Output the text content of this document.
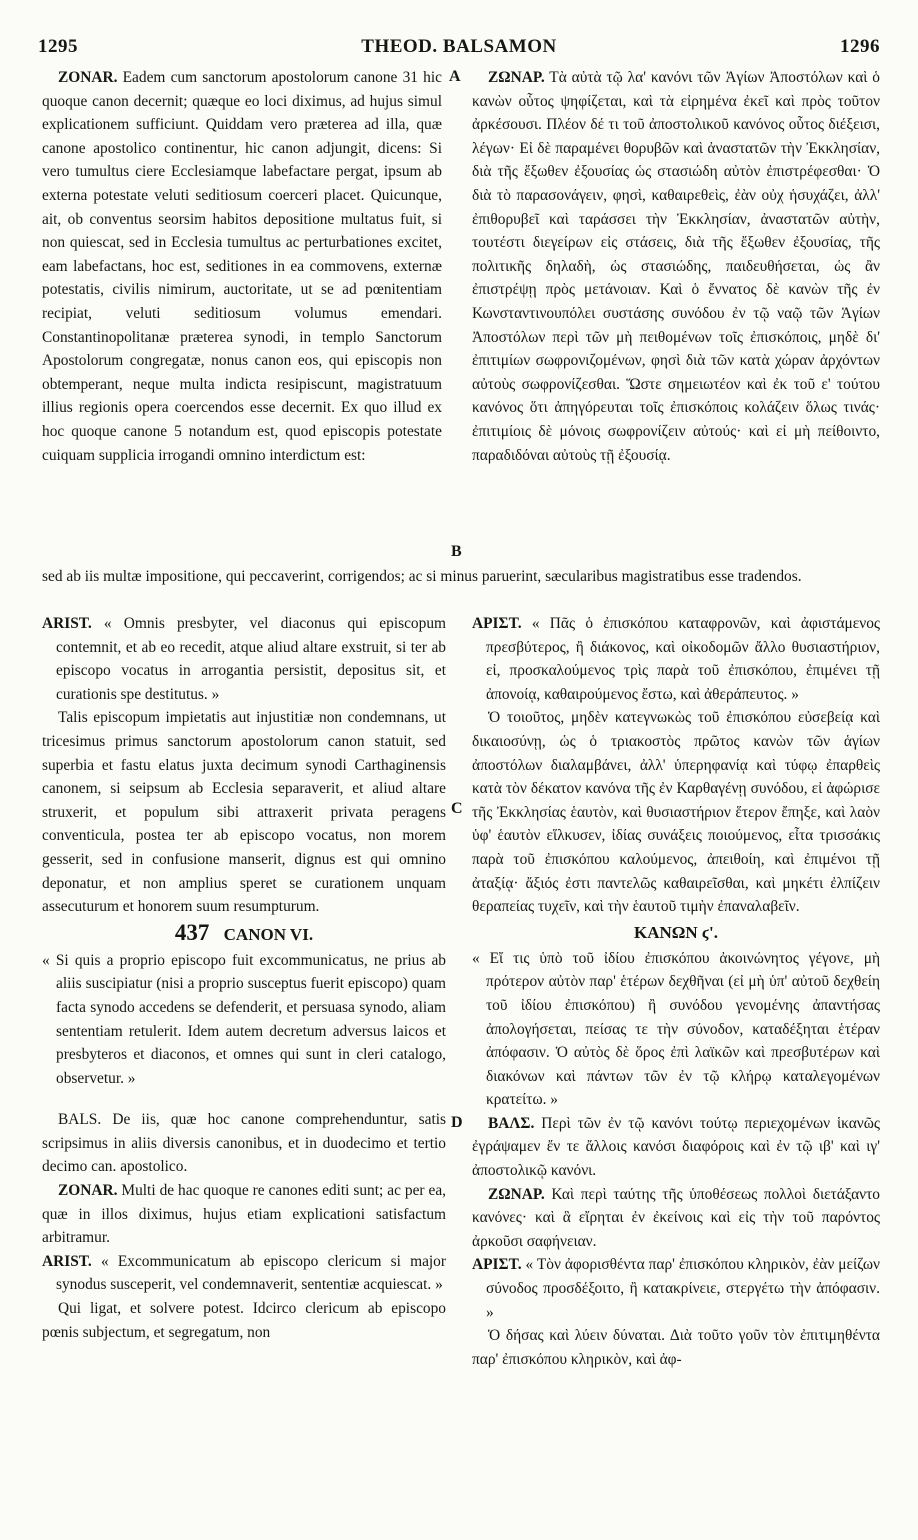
1295	THEOD. BALSAMON	1296
A
B
C
D

ZONAR. Eadem cum sanctorum apostolorum canone 31 hic quoque canon decernit; quæque eo loci diximus, ad hujus simul explicationem sufficiunt. Quiddam vero præterea ad illa, quæ canone apostolico continentur, hic canon adjungit, dicens: Si vero tumultus ciere Ecclesiamque labefactare pergat, ipsum ab externa potestate veluti seditiosum coerceri placet. Quicunque, ait, ob conventus seorsim habitos depositione multatus fuit, si non quiescat, sed in Ecclesia tumultus ac perturbationes excitet, eam labefactans, hoc est, seditiones in ea commovens, externæ potestatis, civilis nimirum, auctoritate, ut se ad pœnitentiam recipiat, veluti seditiosum volumus emendari. Constantinopolitanæ præterea synodi, in templo Sanctorum Apostolorum congregatæ, nonus canon eos, qui episcopis non obtemperant, neque multa indicta resipiscunt, magistratuum illius regionis opera coercendos esse decernit. Ex quo illud ex hoc quoque canone 5 notandum est, quod episcopis potestate cuiquam supplicia irrogandi omnino interdictum est:

ΖΩΝΑΡ. Τὰ αὐτὰ τῷ λα' κανόνι τῶν Ἁγίων Ἀποστόλων καὶ ὁ κανὼν οὗτος ψηφίζεται, καὶ τὰ εἰρημένα ἐκεῖ καὶ πρὸς τοῦτον ἀρκέσουσι. Πλέον δέ τι τοῦ ἀποστολικοῦ κανόνος οὗτος διέξεισι, λέγων· Εἰ δὲ παραμένει θορυβῶν καὶ ἀναστατῶν τὴν Ἐκκλησίαν, διὰ τῆς ἔξωθεν ἐξουσίας ὡς στασιώδη αὐτὸν ἐπιστρέφεσθαι· Ὁ διὰ τὸ παρασονάγειν, φησὶ, καθαιρεθεὶς, ἐὰν οὐχ ἡσυχάζει, ἀλλ' ἐπιθορυβεῖ καὶ ταράσσει τὴν Ἐκκλησίαν, ἀναστατῶν αὐτὴν, τουτέστι διεγείρων εἰς στάσεις, διὰ τῆς ἔξωθεν ἐξουσίας, τῆς πολιτικῆς δηλαδὴ, ὡς στασιώδης, παιδευθήσεται, ὡς ἂν ἐπιστρέψῃ πρὸς μετάνοιαν. Καὶ ὁ ἔννατος δὲ κανὼν τῆς ἐν Κωνσταντινουπόλει συστάσης συνόδου ἐν τῷ ναῷ τῶν Ἁγίων Ἀποστόλων περὶ τῶν μὴ πειθομένων τοῖς ἐπισκόποις, μηδὲ δι' ἐπιτιμίων σωφρονιζομένων, φησὶ διὰ τῶν κατὰ χώραν ἀρχόντων αὐτοὺς σωφρονίζεσθαι. Ὥστε σημειωτέον καὶ ἐκ τοῦ ε' τούτου κανόνος ὅτι ἀπηγόρευται τοῖς ἐπισκόποις κολάζειν ὅλως τινάς· ἐπιτιμίοις δὲ μόνοις σωφρονίζειν αὐτούς· καὶ εἰ μὴ πείθοιντο, παραδιδόναι αὐτοὺς τῇ ἐξουσίᾳ.

sed ab iis multæ impositione, qui peccaverint, corrigendos; ac si minus paruerint, sæcularibus magistratibus esse tradendos.

ARIST. « Omnis presbyter, vel diaconus qui episcopum contemnit, et ab eo recedit, atque aliud altare exstruit, si ter ab episcopo vocatus in arrogantia persistit, depositus sit, et curationis spe destitutus. »

Talis episcopum impietatis aut injustitiæ non condemnans, ut tricesimus primus sanctorum apostolorum canon statuit, sed superbia et fastu elatus juxta decimum synodi Carthaginensis canonem, si seipsum ab Ecclesia separaverit, et aliud altare struxerit, et populum sibi attraxerit privata peragens conventicula, postea ter ab episcopo vocatus, non morem gesserit, sed in confusione manserit, dignus est qui omnino deponatur, et non amplius speret se curationem unquam assecuturum et honorem suum resumpturum.

437 CANON VI.

« Si quis a proprio episcopo fuit excommunicatus, ne prius ab aliis suscipiatur (nisi a proprio susceptus fuerit episcopo) quam facta synodo accedens se defenderit, et persuasa synodo, aliam sententiam retulerit. Idem autem decretum adversus laicos et presbyteros et diaconos, et omnes qui sunt in cleri catalogo, observetur. »

BALS. De iis, quæ hoc canone comprehenduntur, satis scripsimus in aliis diversis canonibus, et in duodecimo et tertio decimo can. apostolico.

ZONAR. Multi de hac quoque re canones editi sunt; ac per ea, quæ in illos diximus, hujus etiam explicationi satisfactum arbitramur.

ARIST. « Excommunicatum ab episcopo clericum si major synodus susceperit, vel condemnaverit, sententiæ acquiescat. »

Qui ligat, et solvere potest. Idcirco clericum ab episcopo pœnis subjectum, et segregatum, non

ΑΡΙΣΤ. « Πᾶς ὁ ἐπισκόπου καταφρονῶν, καὶ ἀφιστάμενος πρεσβύτερος, ἢ διάκονος, καὶ οἰκοδομῶν ἄλλο θυσιαστήριον, εἰ, προσκαλούμενος τρὶς παρὰ τοῦ ἐπισκόπου, ἐπιμένει τῇ ἀπονοίᾳ, καθαιρούμενος ἔστω, καὶ ἀθεράπευτος. »

Ὁ τοιοῦτος, μηδὲν κατεγνωκὼς τοῦ ἐπισκόπου εὐσεβείᾳ καὶ δικαιοσύνῃ, ὡς ὁ τριακοστὸς πρῶτος κανὼν τῶν ἁγίων ἀποστόλων διαλαμβάνει, ἀλλ' ὑπερηφανίᾳ καὶ τύφῳ ἐπαρθεὶς κατὰ τὸν δέκατον κανόνα τῆς ἐν Καρθαγένῃ συνόδου, εἰ ἀφώρισε τῆς Ἐκκλησίας ἑαυτὸν, καὶ θυσιαστήριον ἕτερον ἔπηξε, καὶ λαὸν ὑφ' ἑαυτὸν εἵλκυσεν, ἰδίας συνάξεις ποιούμενος, εἶτα τρισσάκις παρὰ τοῦ ἐπισκόπου καλούμενος, ἀπειθοίη, καὶ ἐπιμένοι τῇ ἀταξίᾳ· ἄξιός ἐστι παντελῶς καθαιρεῖσθαι, καὶ μηκέτι ἐλπίζειν θεραπείας τυχεῖν, καὶ τὴν ἑαυτοῦ τιμὴν ἐπαναλαβεῖν.

ΚΑΝΩΝ ϛ'.

« Εἴ τις ὑπὸ τοῦ ἰδίου ἐπισκόπου ἀκοινώνητος γέγονε, μὴ πρότερον αὐτὸν παρ' ἑτέρων δεχθῆναι (εἰ μὴ ὑπ' αὐτοῦ δεχθείη τοῦ ἰδίου ἐπισκόπου) ἢ συνόδου γενομένης ἀπαντήσας ἀπολογήσεται, πείσας τε τὴν σύνοδον, καταδέξηται ἑτέραν ἀπόφασιν. Ὁ αὐτὸς δὲ ὅρος ἐπὶ λαϊκῶν καὶ πρεσβυτέρων καὶ διακόνων καὶ πάντων τῶν ἐν τῷ κλήρῳ καταλεγομένων κρατείτω. »

ΒΑΛΣ. Περὶ τῶν ἐν τῷ κανόνι τούτῳ περιεχομένων ἱκανῶς ἐγράψαμεν ἔν τε ἄλλοις κανόσι διαφόροις καὶ ἐν τῷ ιβ' καὶ ιγ' ἀποστολικῷ κανόνι.

ΖΩΝΑΡ. Καὶ περὶ ταύτης τῆς ὑποθέσεως πολλοὶ διετάξαντο κανόνες· καὶ ἃ εἴρηται ἐν ἐκείνοις καὶ εἰς τὴν τοῦ παρόντος ἀρκοῦσι σαφήνειαν.

ΑΡΙΣΤ. « Τὸν ἀφορισθέντα παρ' ἐπισκόπου κληρικὸν, ἐὰν μείζων σύνοδος προσδέξοιτο, ἢ κατακρίνειε, στεργέτω τὴν ἀπόφασιν. »

Ὁ δήσας καὶ λύειν δύναται. Διὰ τοῦτο γοῦν τὸν ἐπιτιμηθέντα παρ' ἐπισκόπου κληρικὸν, καὶ ἀφ-
